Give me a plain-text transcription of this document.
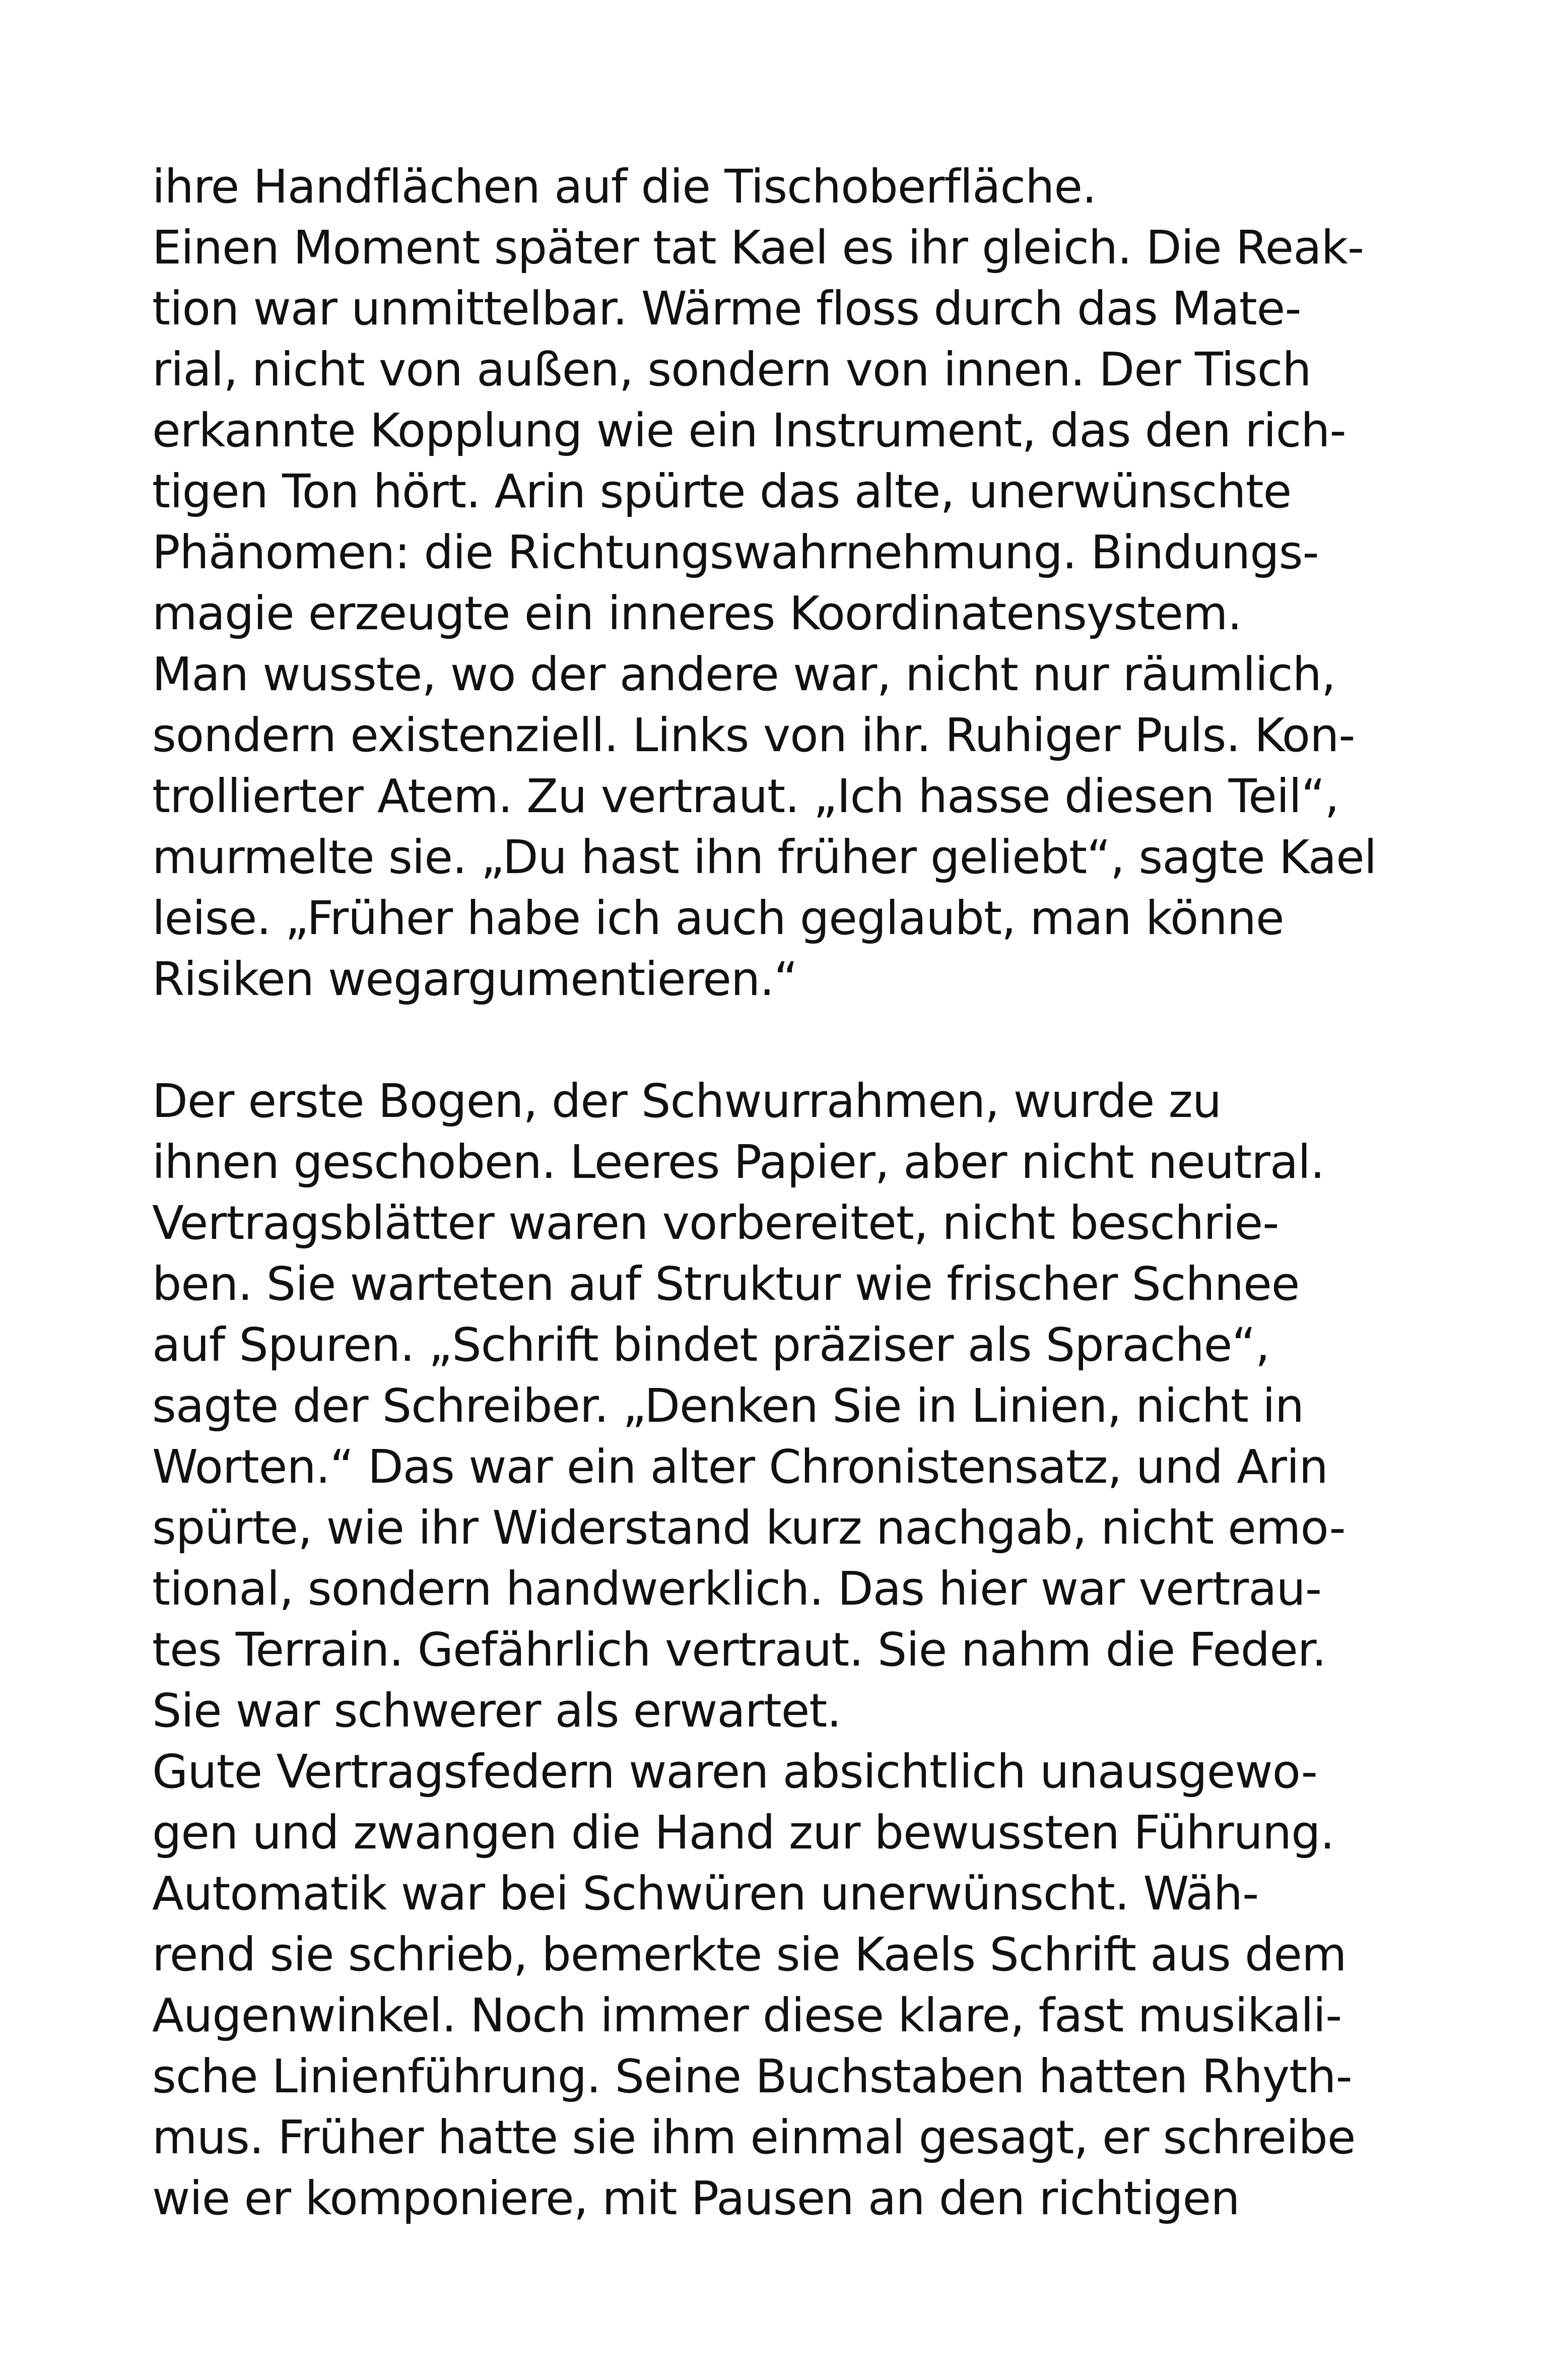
ihre Handflächen auf die Tischoberfläche.
Einen Moment später tat Kael es ihr gleich. Die Reak-
tion war unmittelbar. Wärme floss durch das Mate-
rial, nicht von außen, sondern von innen. Der Tisch
erkannte Kopplung wie ein Instrument, das den rich-
tigen Ton hört. Arin spürte das alte, unerwünschte
Phänomen: die Richtungswahrnehmung. Bindungs-
magie erzeugte ein inneres Koordinatensystem.
Man wusste, wo der andere war, nicht nur räumlich,
sondern existenziell. Links von ihr. Ruhiger Puls. Kon-
trollierter Atem. Zu vertraut. „Ich hasse diesen Teil“,
murmelte sie. „Du hast ihn früher geliebt“, sagte Kael
leise. „Früher habe ich auch geglaubt, man könne
Risiken wegargumentieren.“
Der erste Bogen, der Schwurrahmen, wurde zu
ihnen geschoben. Leeres Papier, aber nicht neutral.
Vertragsblätter waren vorbereitet, nicht beschrie-
ben. Sie warteten auf Struktur wie frischer Schnee
auf Spuren. „Schrift bindet präziser als Sprache“,
sagte der Schreiber. „Denken Sie in Linien, nicht in
Worten.“ Das war ein alter Chronistensatz, und Arin
spürte, wie ihr Widerstand kurz nachgab, nicht emo-
tional, sondern handwerklich. Das hier war vertrau-
tes Terrain. Gefährlich vertraut. Sie nahm die Feder.
Sie war schwerer als erwartet.
Gute Vertragsfedern waren absichtlich unausgewo-
gen und zwangen die Hand zur bewussten Führung.
Automatik war bei Schwüren unerwünscht. Wäh-
rend sie schrieb, bemerkte sie Kaels Schrift aus dem
Augenwinkel. Noch immer diese klare, fast musikali-
sche Linienführung. Seine Buchstaben hatten Rhyth-
mus. Früher hatte sie ihm einmal gesagt, er schreibe
wie er komponiere, mit Pausen an den richtigen
